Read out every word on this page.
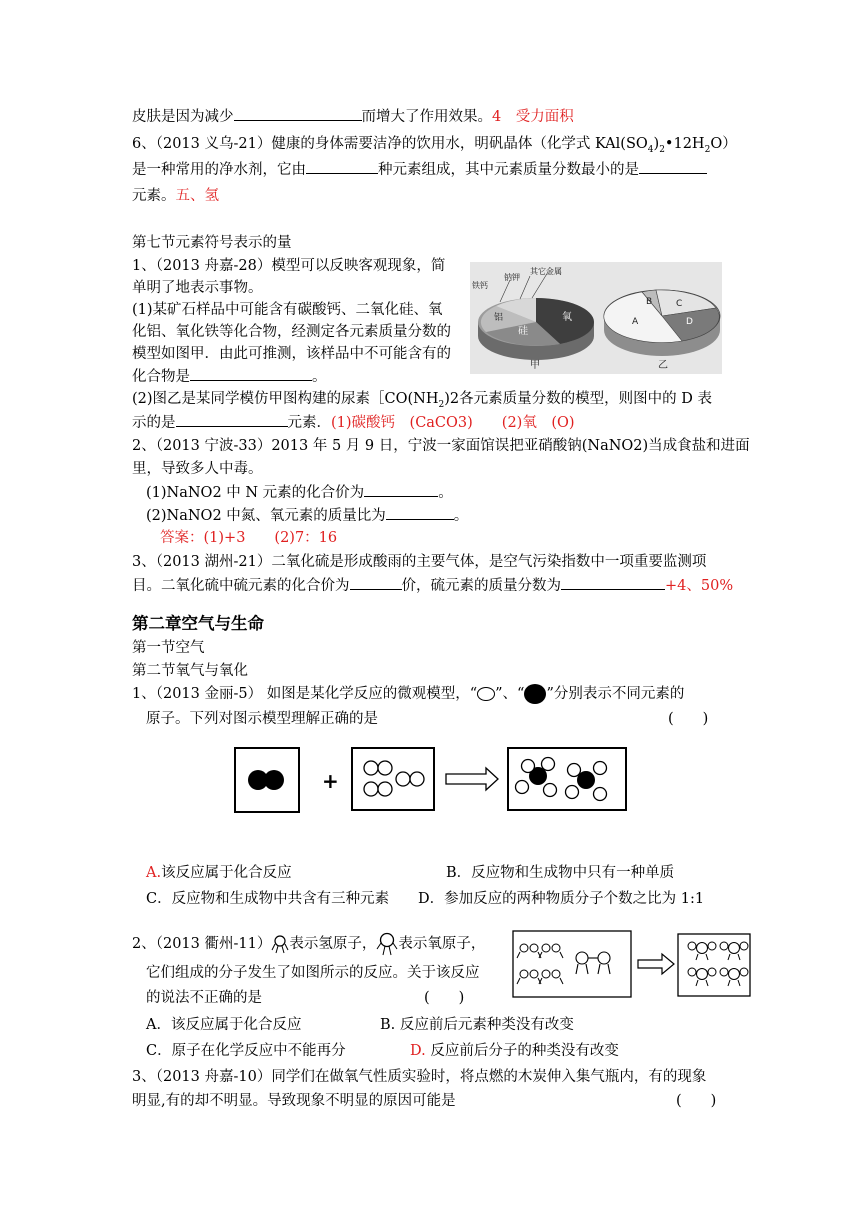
皮肤是因为减少	而增大了作用效果。4　受力面积
6、（2013 义乌-21）健康的身体需要洁净的饮用水，明矾晶体（化学式 $KAl(SO_4)_2•12H_2O$）
是一种常用的净水剂，它由	种元素组成，其中元素质量分数最小的是
元素。五、氢
第七节元素符号表示的量
1、（2013 舟嘉-28）模型可以反映客观现象，简
单明了地表示事物。
(1)某矿石样品中可能含有碳酸钙、二氧化硅、氧
化铝、氧化铁等化合物，经测定各元素质量分数的
模型如图甲．由此可推测，该样品中不可能含有的
化合物是	。
铁钙
钠钾
其它金属
氧
硅
铝
甲
B	C
A	D
乙
(2)图乙是某同学模仿甲图构建的尿素$[CO(NH_2)2$各元素质量分数的模型，则图中的 D 表
示的是	元素．(1)碳酸钙　(CaCO3)　　(2)氧　(O)
2、（2013 宁波-33）2013 年 5 月 9 日，宁波一家面馆误把亚硝酸钠(NaNO2)当成食盐和进面
里，导致多人中毒。
(1)NaNO2 中 N 元素的化合价为	。
(2)NaNO2 中氮、氧元素的质量比为	。
答案：(1)+3　　(2)7：16
3、（2013 湖州-21）二氧化硫是形成酸雨的主要气体，是空气污染指数中一项重要监测项
目。二氧化硫中硫元素的化合价为	价，硫元素的质量分数为	+4、50%
第二章空气与生命
第一节空气
第二节氧气与氧化
1、（2013 金丽-5） 如图是某化学反应的微观模型，“ ”、“ ”分别表示不同元素的
原子。下列对图示模型理解正确的是	(　　)
+
A.该反应属于化合反应	B．反应物和生成物中只有一种单质
C．反应物和生成物中共含有三种元素 D．参加反应的两种物质分子个数之比为 1:1
2、（2013 衢州-11） 表示氢原子， 表示氧原子，
它们组成的分子发生了如图所示的反应。关于该反应
的说法不正确的是	(　　)
A．该反应属于化合反应	B. 反应前后元素种类没有改变
C．原子在化学反应中不能再分	D. 反应前后分子的种类没有改变
3、（2013 舟嘉-10）同学们在做氧气性质实验时，将点燃的木炭伸入集气瓶内，有的现象
明显,有的却不明显。导致现象不明显的原因可能是	(　　)
